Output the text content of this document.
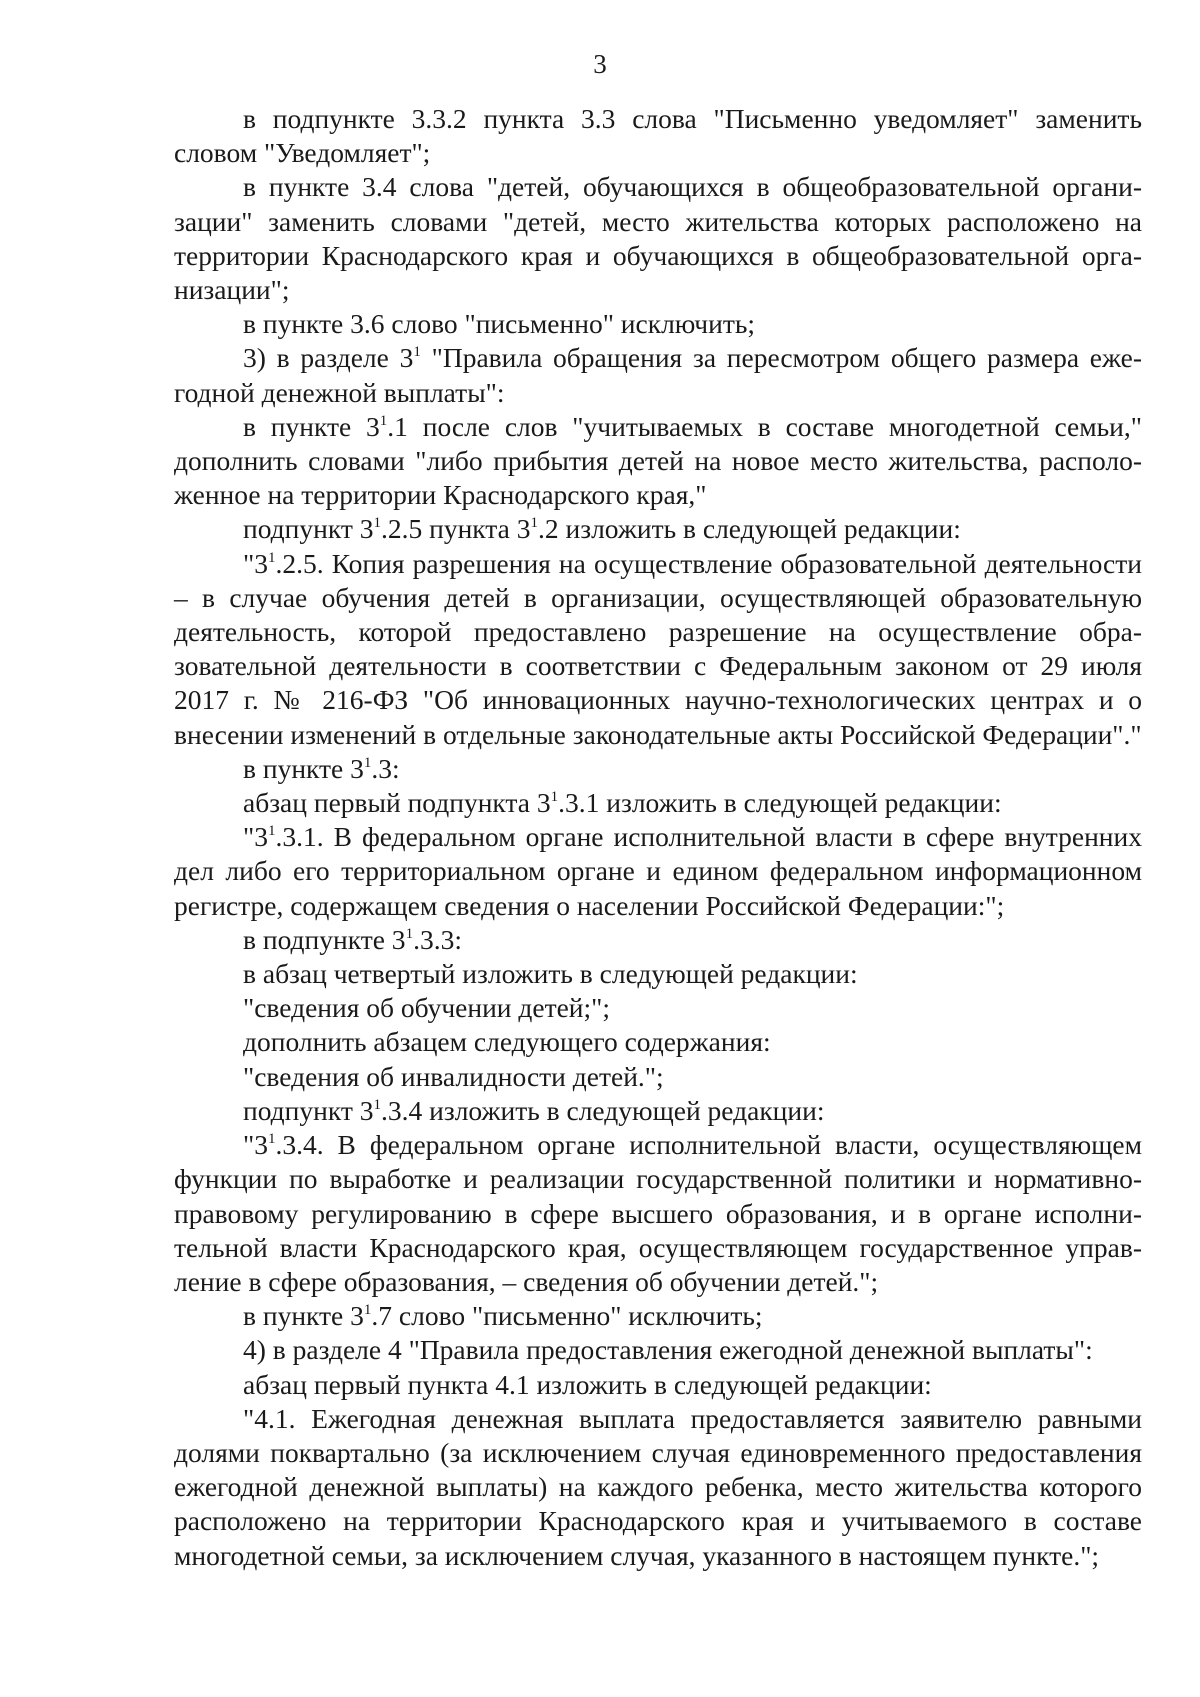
3

в подпункте 3.3.2 пункта 3.3 слова "Письменно уведомляет" заменить словом "Уведомляет";

в пункте 3.4 слова "детей, обучающихся в общеобразовательной организации" заменить словами "детей, место жительства которых расположено на территории Краснодарского края и обучающихся в общеобразовательной организации";

в пункте 3.6 слово "письменно" исключить;

3) в разделе $3^1$ "Правила обращения за пересмотром общего размера ежегодной денежной выплаты":

в пункте $3^1.1$ после слов "учитываемых в составе многодетной семьи," дополнить словами "либо прибытия детей на новое место жительства, расположенное на территории Краснодарского края,"

подпункт $3^1.2.5$ пункта $3^1.2$ изложить в следующей редакции:

"$3^1.2.5$. Копия разрешения на осуществление образовательной деятельности – в случае обучения детей в организации, осуществляющей образовательную деятельность, которой предоставлено разрешение на осуществление образовательной деятельности в соответствии с Федеральным законом от 29 июля 2017 г. № 216-ФЗ "Об инновационных научно-технологических центрах и о внесении изменений в отдельные законодательные акты Российской Федерации"."

в пункте $3^1.3$:

абзац первый подпункта $3^1.3.1$ изложить в следующей редакции:

"$3^1.3.1$. В федеральном органе исполнительной власти в сфере внутренних дел либо его территориальном органе и едином федеральном информационном регистре, содержащем сведения о населении Российской Федерации:";

в подпункте $3^1.3.3$:

в абзац четвертый изложить в следующей редакции:

"сведения об обучении детей;";

дополнить абзацем следующего содержания:

"сведения об инвалидности детей.";

подпункт $3^1.3.4$ изложить в следующей редакции:

"$3^1.3.4$. В федеральном органе исполнительной власти, осуществляющем функции по выработке и реализации государственной политики и нормативно-правовому регулированию в сфере высшего образования, и в органе исполнительной власти Краснодарского края, осуществляющем государственное управление в сфере образования, – сведения об обучении детей.";

в пункте $3^1.7$ слово "письменно" исключить;

4) в разделе 4 "Правила предоставления ежегодной денежной выплаты":

абзац первый пункта 4.1 изложить в следующей редакции:

"4.1. Ежегодная денежная выплата предоставляется заявителю равными долями поквартально (за исключением случая единовременного предоставления ежегодной денежной выплаты) на каждого ребенка, место жительства которого расположено на территории Краснодарского края и учитываемого в составе многодетной семьи, за исключением случая, указанного в настоящем пункте.";
